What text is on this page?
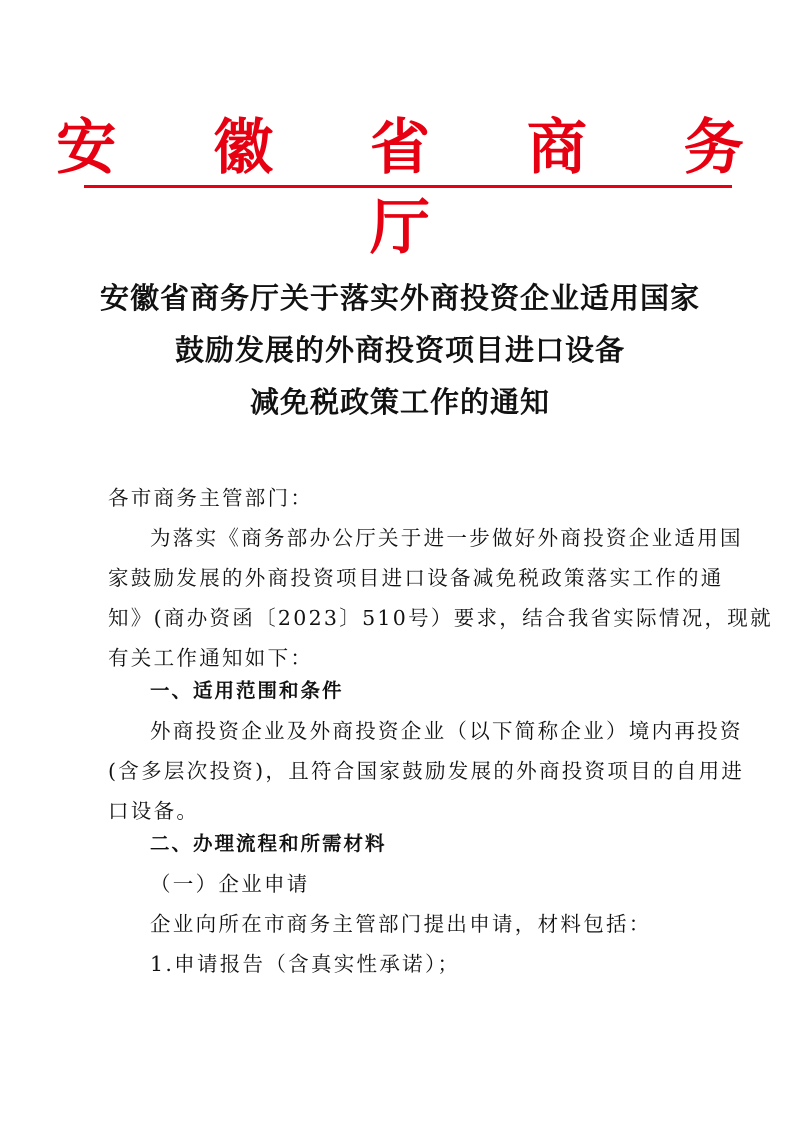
安 徽 省 商 务 厅
安徽省商务厅关于落实外商投资企业适用国家
鼓励发展的外商投资项目进口设备
减免税政策工作的通知
各市商务主管部门：
为落实《商务部办公厅关于进一步做好外商投资企业适用国
家鼓励发展的外商投资项目进口设备减免税政策落实工作的通
知》(商办资函〔2023〕510号）要求，结合我省实际情况，现就
有关工作通知如下：
一、适用范围和条件
外商投资企业及外商投资企业（以下简称企业）境内再投资
(含多层次投资)，且符合国家鼓励发展的外商投资项目的自用进
口设备。
二、办理流程和所需材料
（一）企业申请
企业向所在市商务主管部门提出申请，材料包括：
1.申请报告（含真实性承诺）；
